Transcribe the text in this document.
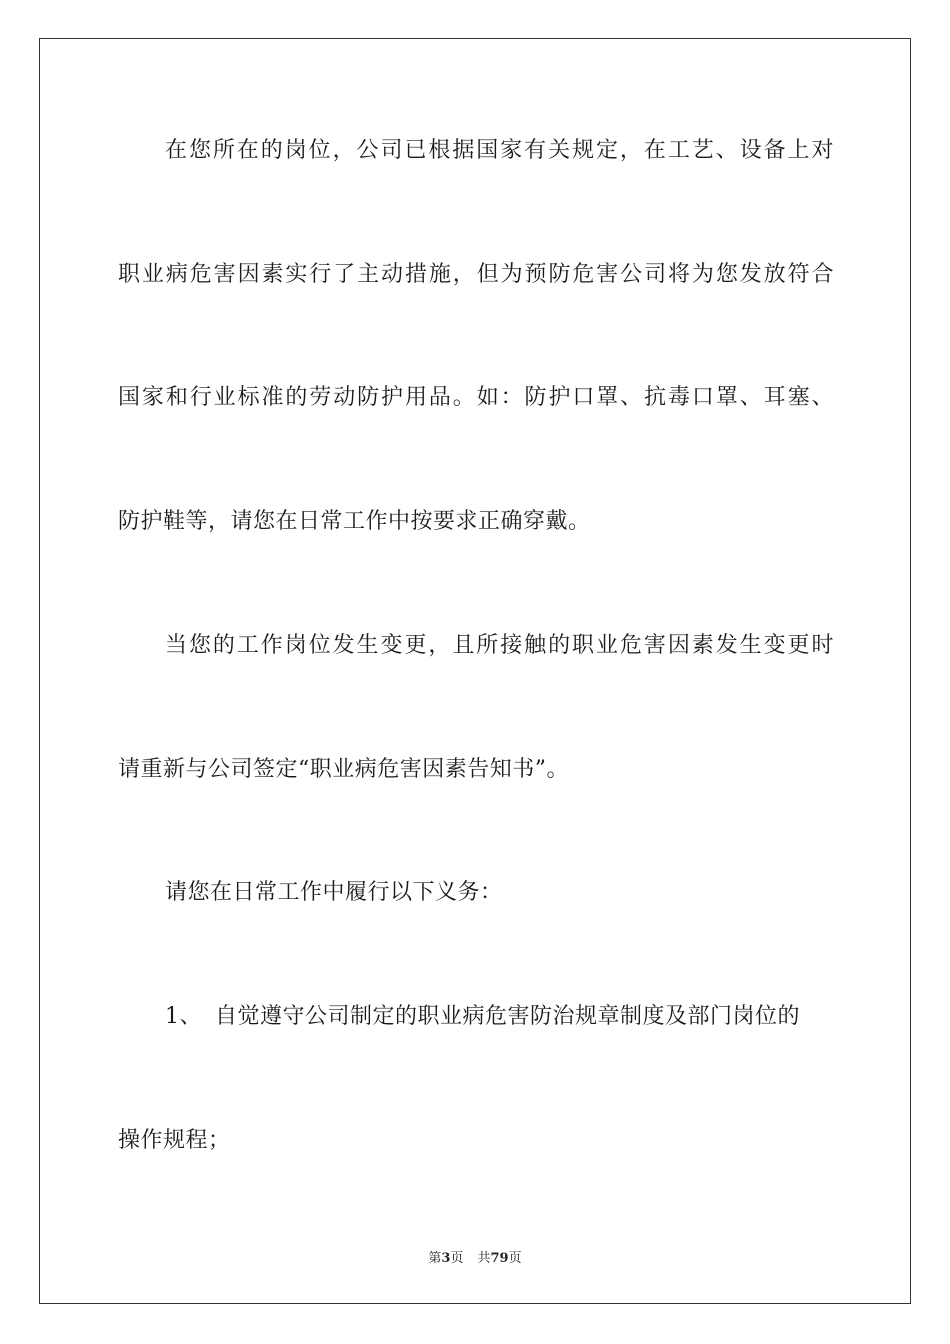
在您所在的岗位，公司已根据国家有关规定，在工艺、设备上对
职业病危害因素实行了主动措施，但为预防危害公司将为您发放符合
国家和行业标准的劳动防护用品。如：防护口罩、抗毒口罩、耳塞、
防护鞋等，请您在日常工作中按要求正确穿戴。
当您的工作岗位发生变更，且所接触的职业危害因素发生变更时
请重新与公司签定“职业病危害因素告知书”。
请您在日常工作中履行以下义务：
1、 自觉遵守公司制定的职业病危害防治规章制度及部门岗位的
操作规程；
第3页 共79页
